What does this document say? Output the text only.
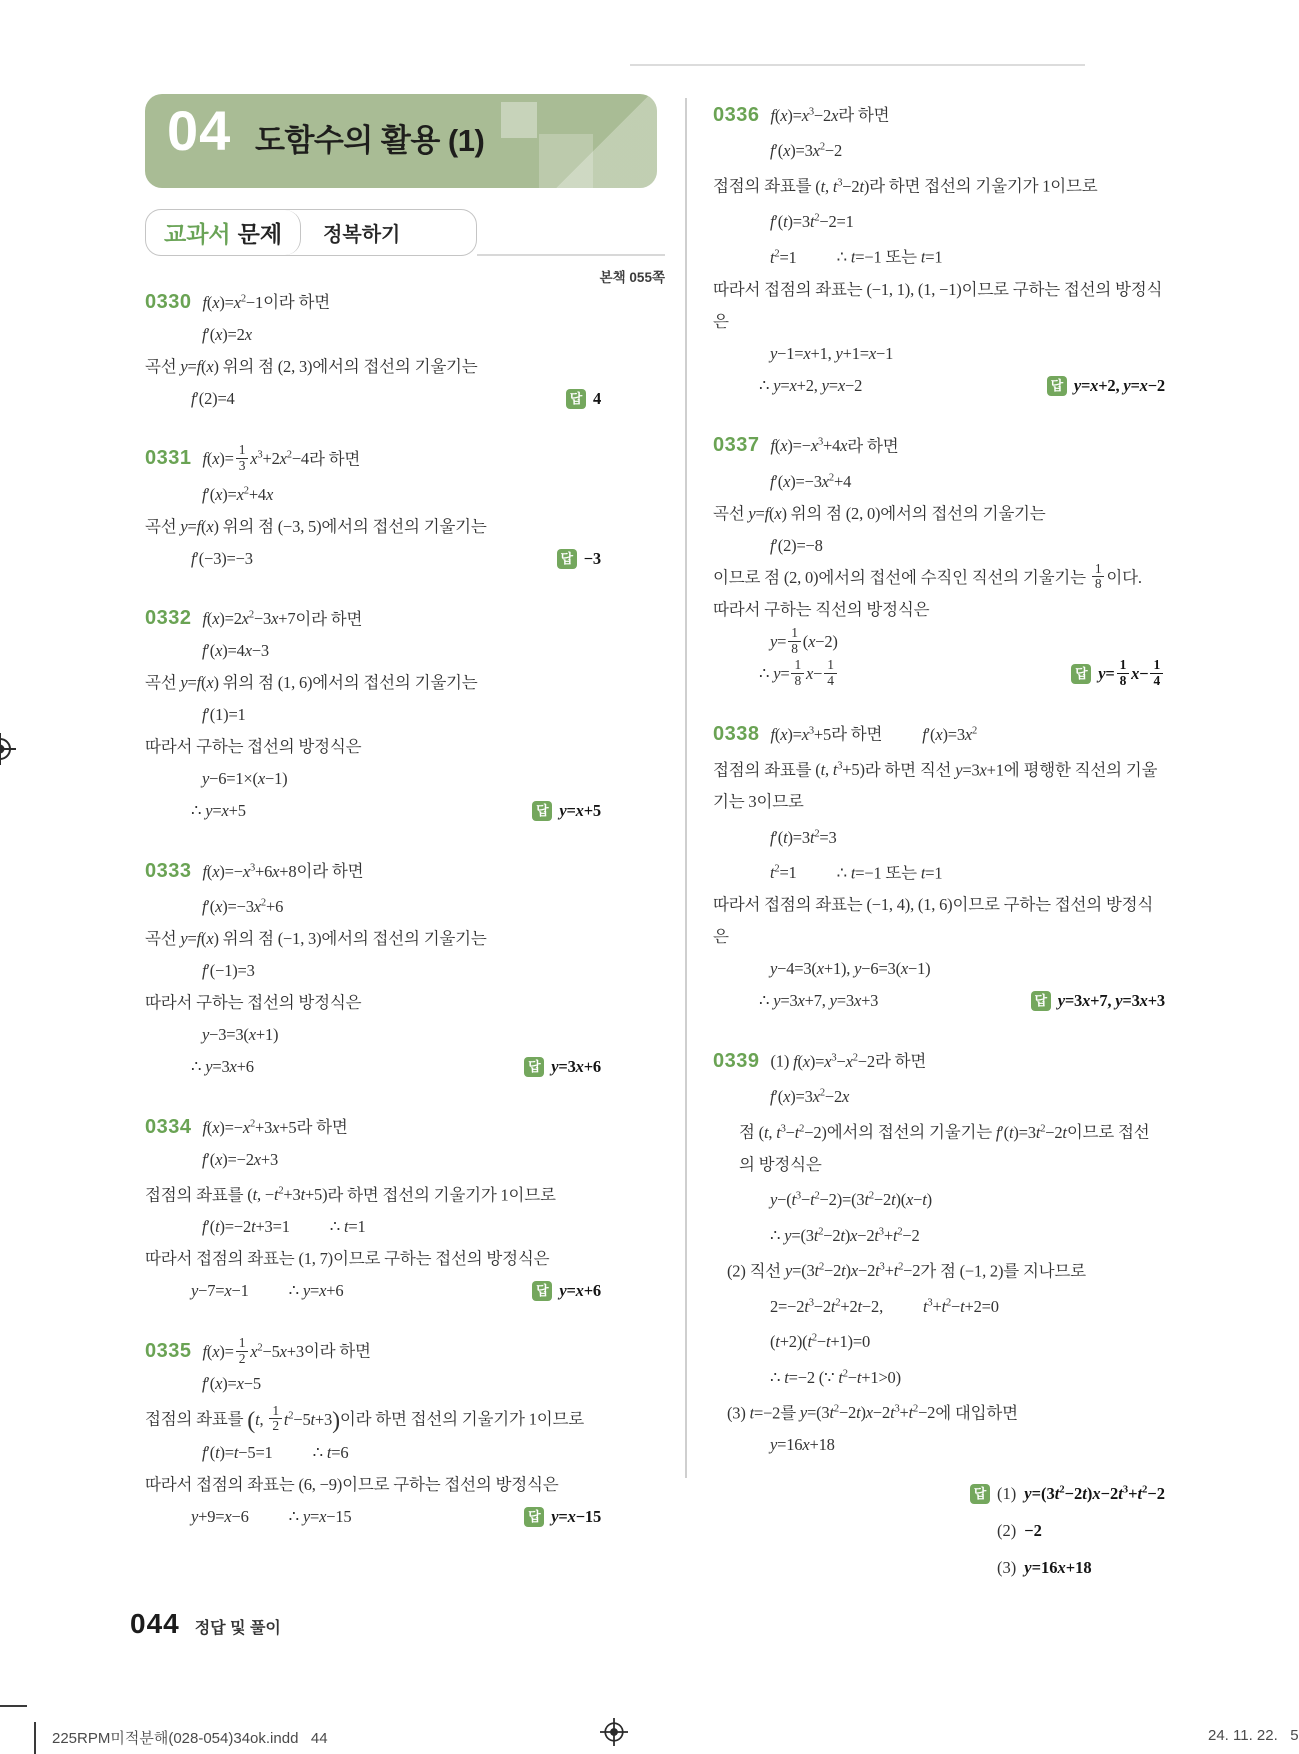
04 도함수의 활용 (1)
교과서 문제	정복하기
본책 055쪽
0330 $f(x)=x^2-1$이라 하면
f′(x)=2x
곡선 y=f(x) 위의 점 (2, 3)에서의 접선의 기울기는
f′(2)=4	답 4
0331 $f(x)= \frac{1}{3} x^3+2x^2-4$라 하면
$f'(x)=x^2+4x$
곡선 y=f(x) 위의 점 (−3, 5)에서의 접선의 기울기는
f′(−3)=−3	답 −3
0332 $f(x)=2x^2-3x+7$이라 하면
f′(x)=4x−3
곡선 y=f(x) 위의 점 (1, 6)에서의 접선의 기울기는
f′(1)=1
따라서 구하는 접선의 방정식은
y−6=1×(x−1)
∴ y=x+5	답 y=x+5
0333 $f(x)=-x^3+6x+8$이라 하면
$f'(x)=-3x^2+6$
곡선 y=f(x) 위의 점 (−1, 3)에서의 접선의 기울기는
f′(−1)=3
따라서 구하는 접선의 방정식은
y−3=3(x+1)
∴ y=3x+6	답 y=3x+6
0334 $f(x)=-x^2+3x+5$라 하면
f′(x)=−2x+3
접점의 좌표를 (t, $-t^2+3t+5$)라 하면 접선의 기울기가 1이므로
f′(t)=−2t+3=1 ∴ t=1
따라서 접점의 좌표는 (1, 7)이므로 구하는 접선의 방정식은
y−7=x−1 ∴ y=x+6	답 y=x+6
0335 $f(x)= \frac{1}{2} x^2-5x+3$이라 하면
f′(x)=x−5
접점의 좌표를 (t, $\frac{1}{2} t^2-5t+3$)이라 하면 접선의 기울기가 1이므로
f′(t)=t−5=1 ∴ t=6
따라서 접점의 좌표는 (6, −9)이므로 구하는 접선의 방정식은
y+9=x−6 ∴ y=x−15	답 y=x−15
0336 $f(x)=x^3-2x$라 하면
$f'(x)=3x^2-2$
접점의 좌표를 (t, $t^3-2t$)라 하면 접선의 기울기가 1이므로
$f'(t)=3t^2-2=1$
$t^2=1$ ∴ t=−1 또는 t=1
따라서 접점의 좌표는 (−1, 1), (1, −1)이므로 구하는 접선의 방정식은
y−1=x+1, y+1=x−1
∴ y=x+2, y=x−2	답 y=x+2, y=x−2
0337 $f(x)=-x^3+4x$라 하면
$f'(x)=-3x^2+4$
곡선 y=f(x) 위의 점 (2, 0)에서의 접선의 기울기는
f′(2)=−8
이므로 점 (2, 0)에서의 접선에 수직인 직선의 기울기는 $\frac{1}{8}$ 이다.
따라서 구하는 직선의 방정식은
$y= \frac{1}{8} (x-2)$
∴ $y= \frac{1}{8} x- \frac{1}{4}$	답 $y= \frac{1}{8} x- \frac{1}{4}$
0338 $f(x)=x^3+5$라 하면 $f'(x)=3x^2$
접점의 좌표를 (t, $t^3+5$)라 하면 직선 y=3x+1에 평행한 직선의 기울기는 3이므로
$f'(t)=3t^2=3$
$t^2=1$ ∴ t=−1 또는 t=1
따라서 접점의 좌표는 (−1, 4), (1, 6)이므로 구하는 접선의 방정식은
y−4=3(x+1), y−6=3(x−1)
∴ y=3x+7, y=3x+3	답 y=3x+7, y=3x+3
0339 (1) $f(x)=x^3-x^2-2$라 하면
$f'(x)=3x^2-2x$
점 (t, $t^3-t^2-2$)에서의 접선의 기울기는 $f'(t)=3t^2-2t$이므로 접선의 방정식은
$y-(t^3-t^2-2)=(3t^2-2t)(x-t)$
∴ $y=(3t^2-2t)x-2t^3+t^2-2$
(2) 직선 $y=(3t^2-2t)x-2t^3+t^2-2$가 점 (−1, 2)를 지나므로
$2=-2t^3-2t^2+2t-2$, $t^3+t^2-t+2=0$
$(t+2)(t^2-t+1)=0$
∴ t=−2 (∵ $t^2-t+1>0$)
(3) t=−2를 $y=(3t^2-2t)x-2t^3+t^2-2$에 대입하면
y=16x+18
답 (1) $y=(3t^2-2t)x-2t^3+t^2-2$
(2) −2
(3) y=16x+18
044 정답 및 풀이
225RPM미적분해(028-054)34ok.indd   44	24. 11. 22.   5
